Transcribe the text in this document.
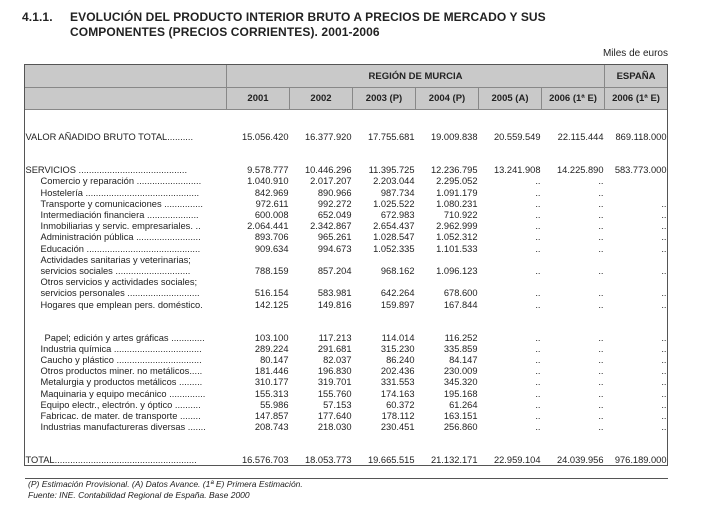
4.1.1. EVOLUCIÓN DEL PRODUCTO INTERIOR BRUTO A PRECIOS DE MERCADO Y SUS
COMPONENTES (PRECIOS CORRIENTES). 2001-2006
Miles de euros
	REGIÓN DE MURCIA						ESPAÑA
	2001	2002	2003 (P)	2004 (P)	2005 (A)	2006 (1ª E)	2006 (1ª E)

VALOR AÑADIDO BRUTO TOTAL..........	15.056.420	16.377.920	17.755.681	19.009.838	20.559.549	22.115.444	869.118.000

SERVICIOS ..........................................	9.578.777	10.446.296	11.395.725	12.236.795	13.241.908	14.225.890	583.773.000
Comercio y reparación .........................	1.040.910	2.017.207	2.203.044	2.295.052	..	..	
Hostelería ............................................	842.969	890.966	987.734	1.091.179	..	..	
Transporte y comunicaciones ...............	972.611	992.272	1.025.522	1.080.231	..	..	..
Intermediación financiera ....................	600.008	652.049	672.983	710.922	..	..	..
Inmobiliarias y servic. empresariales. ..	2.064.441	2.342.867	2.654.437	2.962.999	..	..	..
Administración pública .........................	893.706	965.261	1.028.547	1.052.312	..	..	..
Educación ............................................	909.634	994.673	1.052.335	1.101.533	..	..	..
Actividades sanitarias y veterinarias;							
servicios sociales .............................	788.159	857.204	968.162	1.096.123	..	..	..
Otros servicios y actividades sociales;							
servicios personales ............................	516.154	583.981	642.264	678.600	..	..	..
Hogares que emplean pers. doméstico.	142.125	149.816	159.897	167.844	..	..	..

Papel; edición y artes gráficas .............	103.100	117.213	114.014	116.252	..	..	..
Industria química ..................................	289.224	291.681	315.230	335.859	..	..	..
Caucho y plástico .................................	80.147	82.037	86.240	84.147	..	..	..
Otros productos miner. no metálicos.....	181.446	196.830	202.436	230.009	..	..	..
Metalurgia y productos metálicos .........	310.177	319.701	331.553	345.320	..	..	..
Maquinaria y equipo mecánico ..............	155.313	155.760	174.163	195.168	..	..	..
Equipo electr., electrón. y óptico ..........	55.986	57.153	60.372	61.264	..	..	..
Fabricac. de mater. de transporte ........	147.857	177.640	178.112	163.151	..	..	..
Industrias manufactureras diversas .......	208.743	218.030	230.451	256.860	..	..	..

TOTAL.......................................................	16.576.703	18.053.773	19.665.515	21.132.171	22.959.104	24.039.956	976.189.000

(P) Estimación Provisional. (A) Datos Avance. (1ª E) Primera Estimación.
Fuente: INE. Contabilidad Regional de España. Base 2000
